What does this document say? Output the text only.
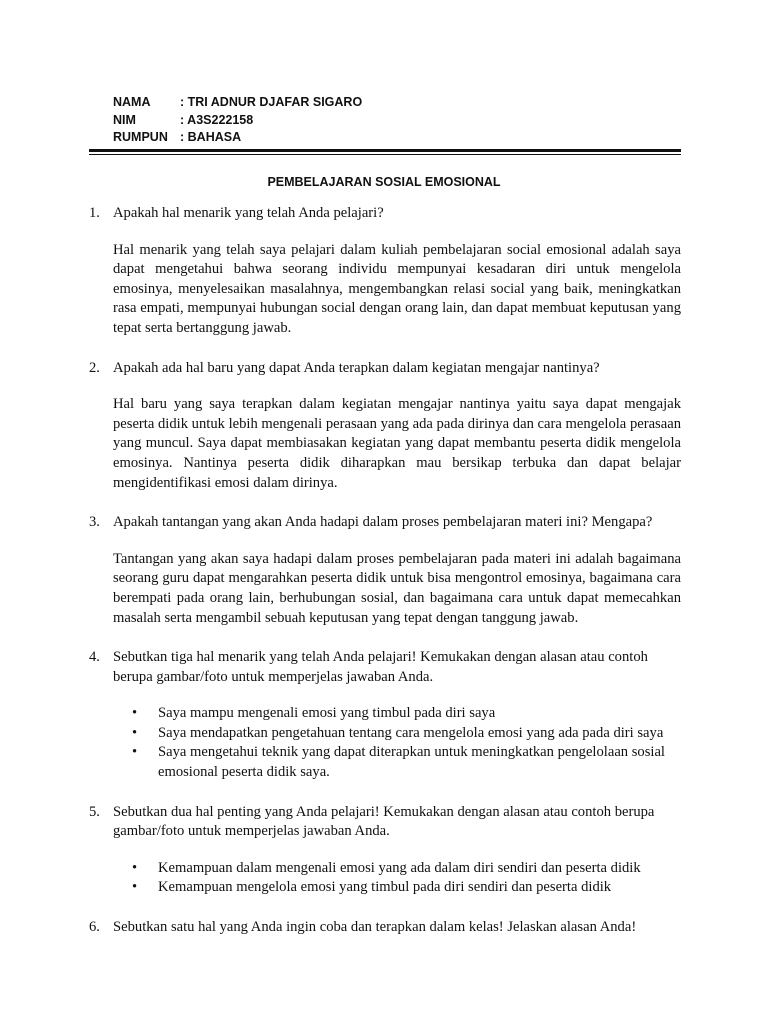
NAMA : TRI ADNUR DJAFAR SIGARO
NIM	: A3S222158
RUMPUN : BAHASA
PEMBELAJARAN SOSIAL EMOSIONAL
1. Apakah hal menarik yang telah Anda pelajari?
Hal menarik yang telah saya pelajari dalam kuliah pembelajaran social emosional adalah saya dapat mengetahui bahwa seorang individu mempunyai kesadaran diri untuk mengelola emosinya, menyelesaikan masalahnya, mengembangkan relasi social yang baik, meningkatkan rasa empati, mempunyai hubungan social dengan orang lain, dan dapat membuat keputusan yang tepat serta bertanggung jawab.
2. Apakah ada hal baru yang dapat Anda terapkan dalam kegiatan mengajar nantinya?
Hal baru yang saya terapkan dalam kegiatan mengajar nantinya yaitu saya dapat mengajak peserta didik untuk lebih mengenali perasaan yang ada pada dirinya dan cara mengelola perasaan yang muncul. Saya dapat membiasakan kegiatan yang dapat membantu peserta didik mengelola emosinya. Nantinya peserta didik diharapkan mau bersikap terbuka dan dapat belajar mengidentifikasi emosi dalam dirinya.
3. Apakah tantangan yang akan Anda hadapi dalam proses pembelajaran materi ini? Mengapa?
Tantangan yang akan saya hadapi dalam proses pembelajaran pada materi ini adalah bagaimana seorang guru dapat mengarahkan peserta didik untuk bisa mengontrol emosinya, bagaimana cara berempati pada orang lain, berhubungan sosial, dan bagaimana cara untuk dapat memecahkan masalah serta mengambil sebuah keputusan yang tepat dengan tanggung jawab.
4. Sebutkan tiga hal menarik yang telah Anda pelajari! Kemukakan dengan alasan atau contoh berupa gambar/foto untuk memperjelas jawaban Anda.
• Saya mampu mengenali emosi yang timbul pada diri saya
• Saya mendapatkan pengetahuan tentang cara mengelola emosi yang ada pada diri saya
• Saya mengetahui teknik yang dapat diterapkan untuk meningkatkan pengelolaan sosial emosional peserta didik saya.
5. Sebutkan dua hal penting yang Anda pelajari! Kemukakan dengan alasan atau contoh berupa gambar/foto untuk memperjelas jawaban Anda.
• Kemampuan dalam mengenali emosi yang ada dalam diri sendiri dan peserta didik
• Kemampuan mengelola emosi yang timbul pada diri sendiri dan peserta didik
6. Sebutkan satu hal yang Anda ingin coba dan terapkan dalam kelas! Jelaskan alasan Anda!
